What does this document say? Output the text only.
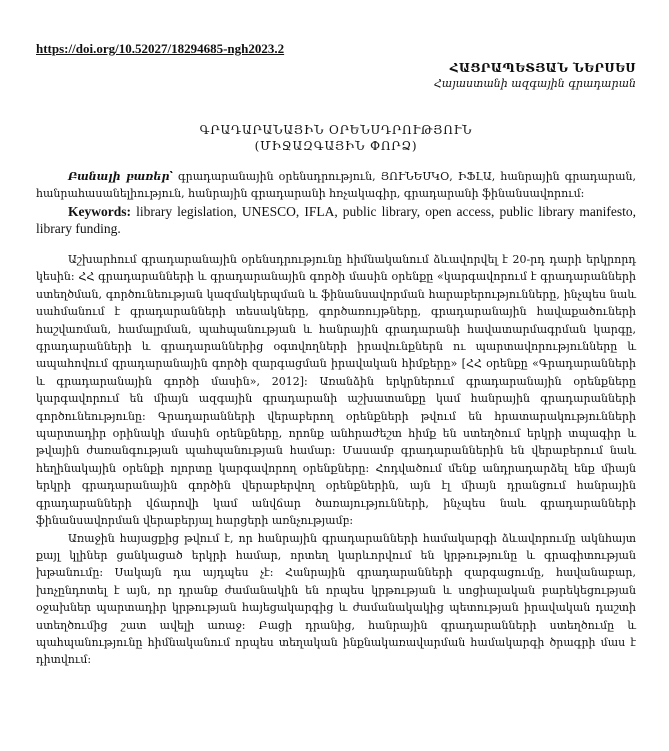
https://doi.org/10.52027/18294685-ngh2023.2
ՀԱՑՐԱՊԵՏՅԱՆ ՆԵՐՍԵՍ
Հայաստանի ազգային գրադարան
ԳՐԱԴԱՐԱՆԱՅԻՆ ՕՐԵՆՍԴՐՈՒԹՅՈՒՆ
(ՄԻՋԱԶԳԱՅԻՆ ՓՈՐՁ)
Բանալի բառեր՝ գրադարանային օրենսդրություն, ՅՈՒՆԵՍԿՕ, ԻՖԼԱ, հանրային գրադարան, հանրահասանելիություն, հանրային գրադարանի հռչակագիր, գրադարանի ֆինանսավորում:
Keywords: library legislation, UNESCO, IFLA, public library, open access, public library manifesto, library funding.

Աշխարհում գրադարանային օրենսդրությունը հիմնականում ձևավորվել է 20-րդ դարի երկրորդ կեսին: ՀՀ գրադարանների և գրադարանային գործի մասին օրենքը «կարգավորում է գրադարանների ստեղծման, գործունեության կազմակերպման և ֆինանսավորման հարաբերությունները, ինչպես նաև սահմանում է գրադարանների տեսակները, գործառույթները, գրադարանային հավաքածուների հաշվառման, համալրման, պահպանության և հանրային գրադարանի հավատարմագրման կարգը, գրադարանների և գրադարաններից օգտվողների իրավունքներն ու պարտավորությունները և ապահովում գրադարանային գործի զարգացման իրավական հիմքերը» [ՀՀ օրենքը «Գրադարանների և գրադարանային գործի մասին», 2012]: Առանձին երկրներում գրադարանային օրենքները կարգավորում են միայն ազգային գրադարանի աշխատանքը կամ հանրային գրադարանների գործունեությունը: Գրադարանների վերաբերող օրենքների թվում են հրատարակությունների պարտադիր օրինակի մասին օրենքները, որոնք անհրաժեշտ հիմք են ստեղծում երկրի տպագիր և թվային ժառանգության պահպանության համար: Մասամբ գրադարաններին են վերաբերում նաև հեղինակային օրենքի ոլորտը կարգավորող օրենքները: Հոդվածում մենք անդրադարձել ենք միայն երկրի գրադարանային գործին վերաբերվող օրենքներին, այն էլ միայն դրանցում հանրային գրադարանների վճարովի կամ անվճար ծառայությունների, ինչպես նաև գրադարանների ֆինանսավորման վերաբերյալ հարցերի առնչությամբ:

Առաջին հայացքից թվում է, որ հանրային գրադարանների համակարգի ձևավորումը ակնհայտ քայլ կլիներ ցանկացած երկրի համար, որտեղ կարևորվում են կրթությունը և գրագիտության խթանումը: Սակայն դա այդպես չէ: Հանրային գրադարանների զարգացումը, հավանաբար, խոչընդոտել է այն, որ դրանք ժամանակին են որպես կրթության և սոցիալական բարեկեցության օջախներ պարտադիր կրթության հայեցակարգից և ժամանակակից պետության իրավական դաշտի ստեղծումից շատ ավելի առաջ: Բացի դրանից, հանրային գրադարանների ստեղծումը և պահպանությունը հիմնականում որպես տեղական ինքնակառավարման համակարգի ծրագրի մաս է դիտվում:
